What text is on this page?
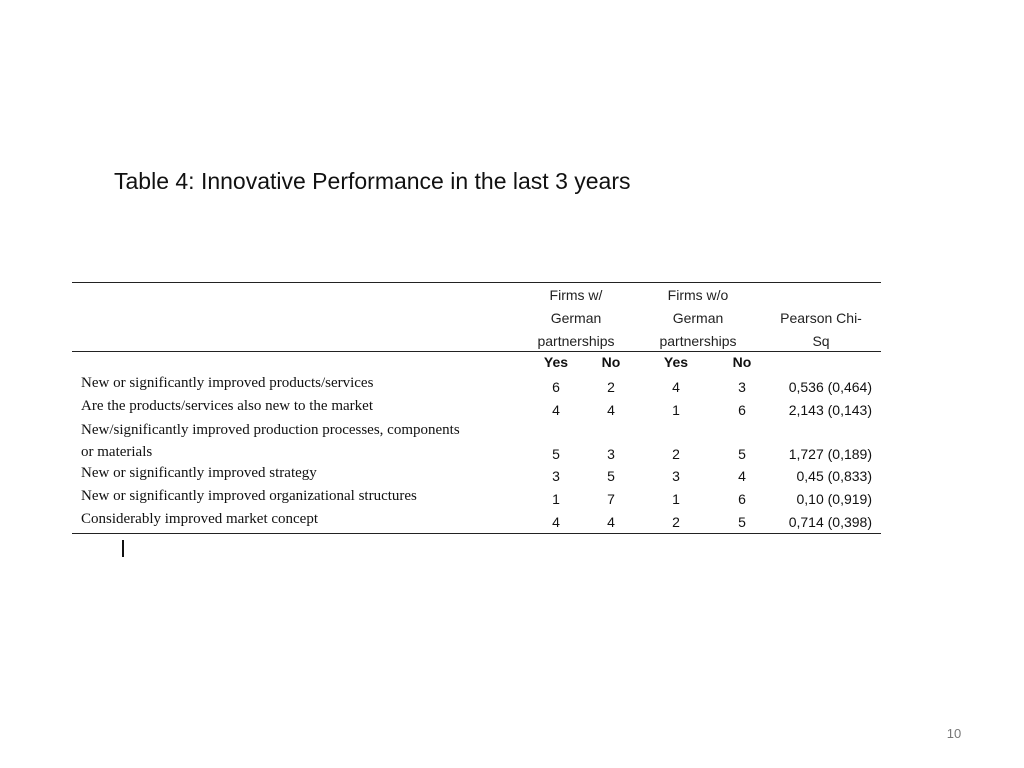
Table 4: Innovative Performance in the last 3 years
Firms w/
German
partnerships
Firms w/o
German
partnerships
Pearson Chi-
Sq
Yes	No	Yes	No
New or significantly improved products/services	6	2	4	3	0,536 (0,464)
Are the products/services also new to the market	4	4	1	6	2,143 (0,143)
New/significantly improved production processes, components
or materials	5	3	2	5	1,727 (0,189)
New or significantly improved strategy	3	5	3	4	0,45 (0,833)
New or significantly improved organizational structures	1	7	1	6	0,10 (0,919)
Considerably improved market concept	4	4	2	5	0,714 (0,398)
10
